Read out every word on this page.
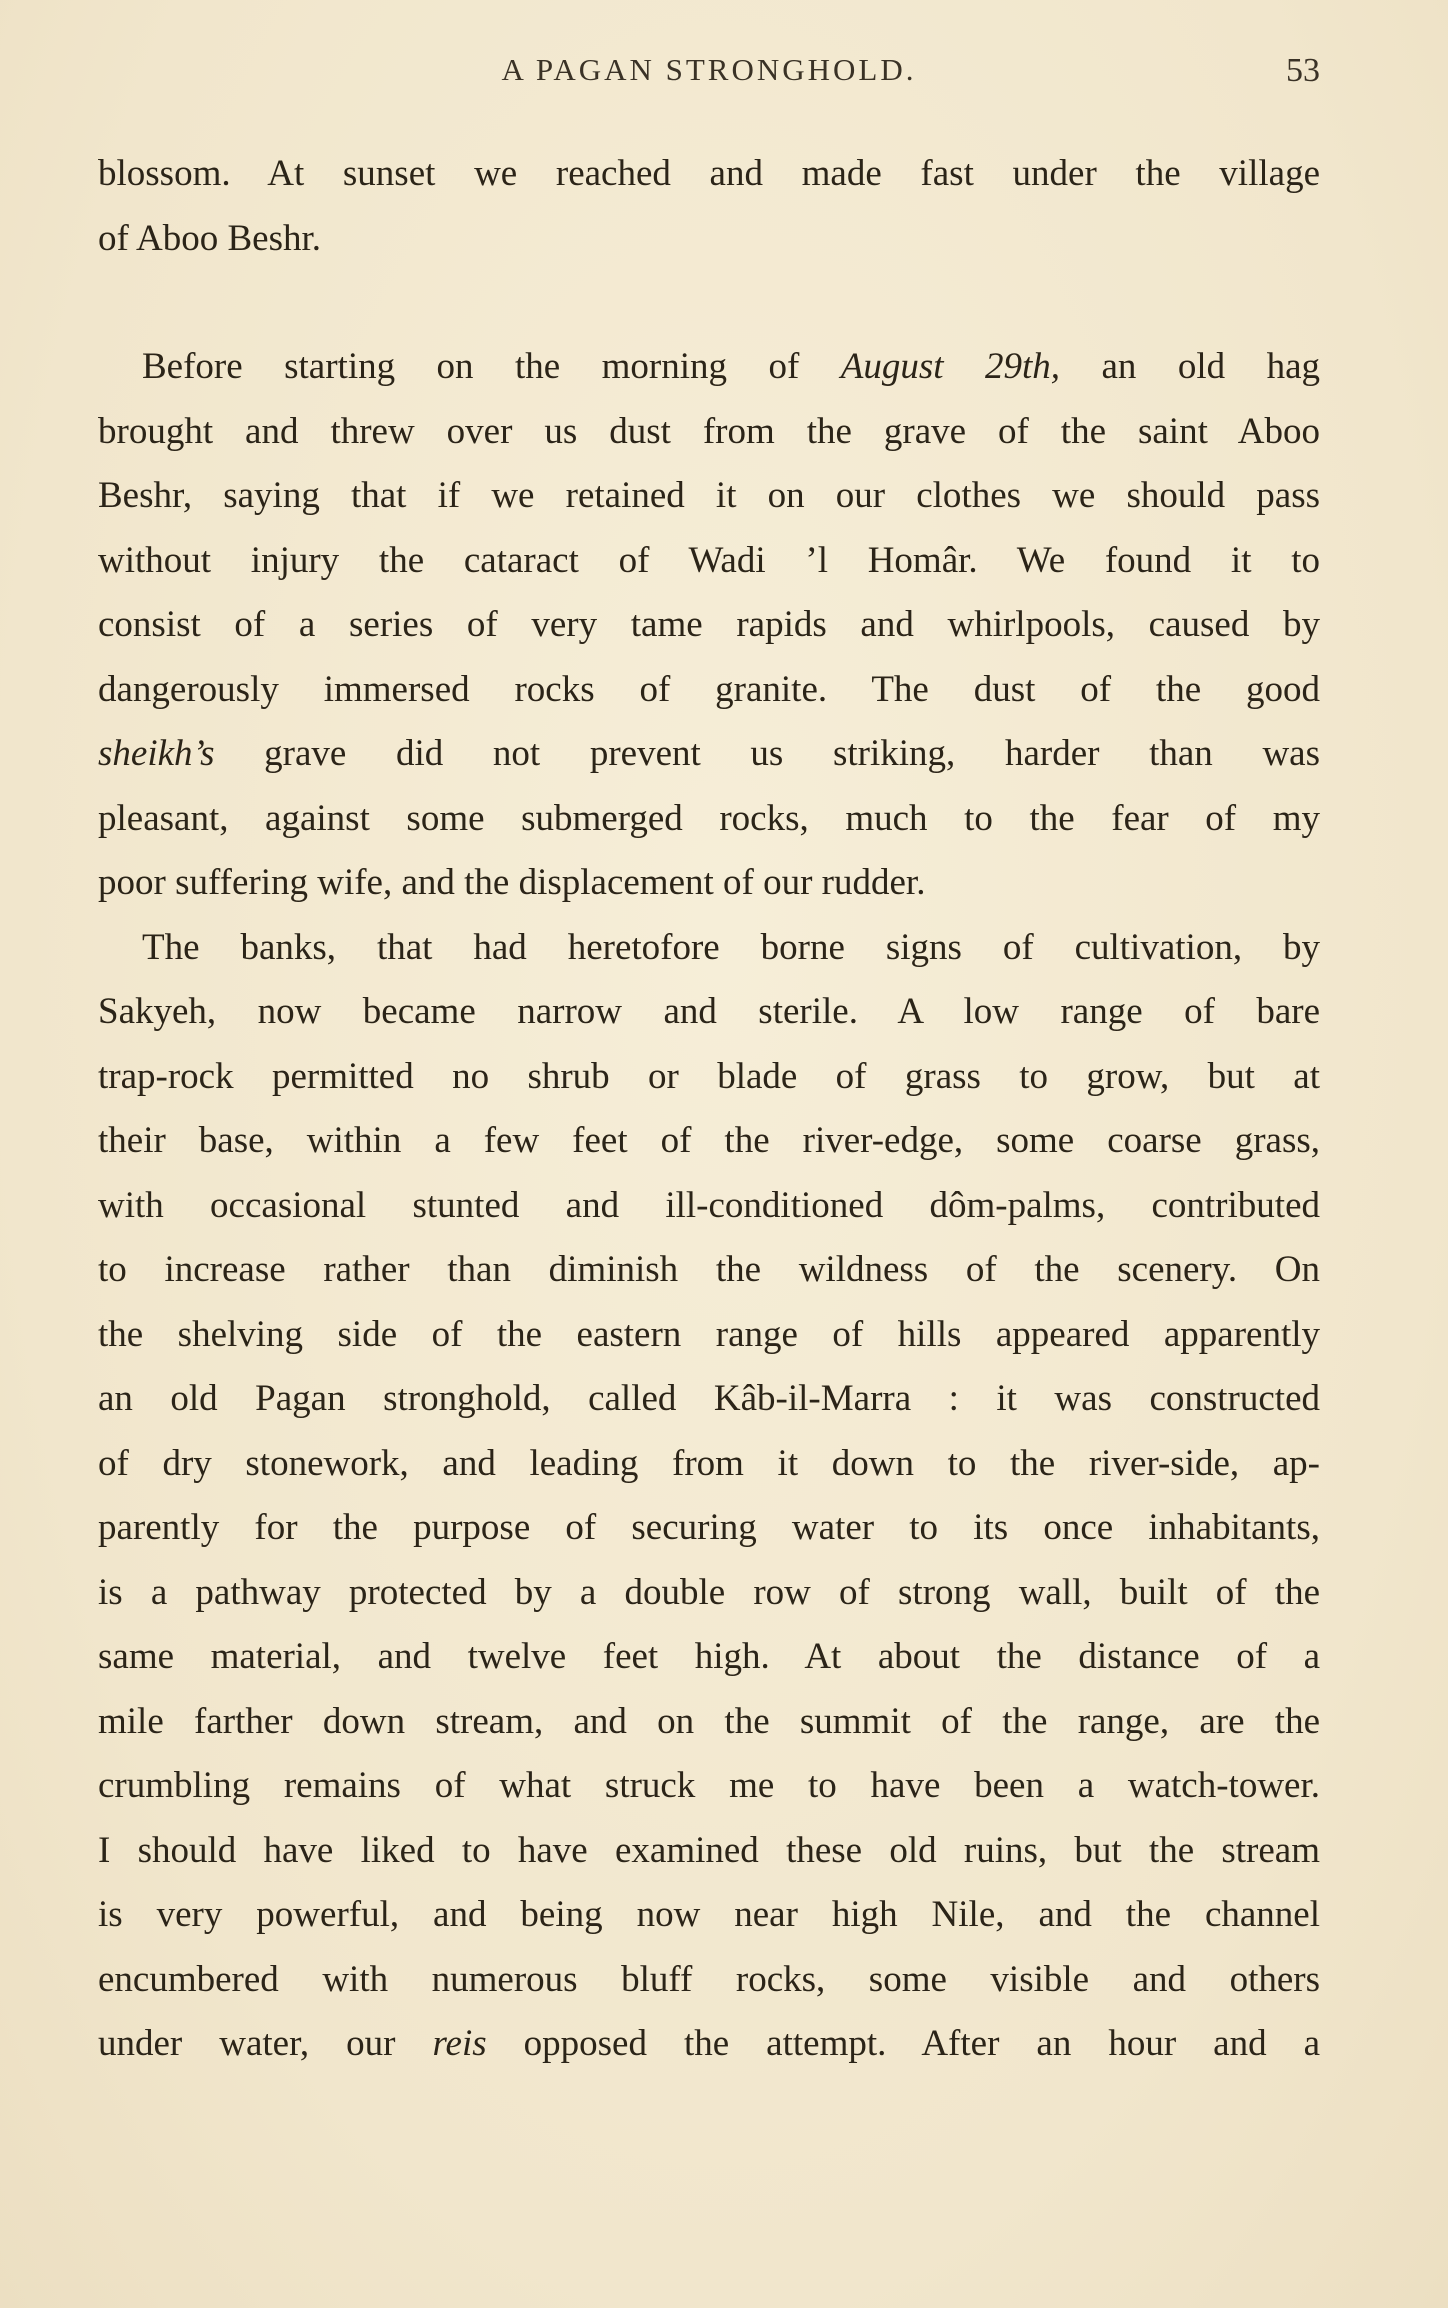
A PAGAN STRONGHOLD.	53
blossom. At sunset we reached and made fast under the village
of Aboo Beshr.
Before starting on the morning of August 29th, an old hag
brought and threw over us dust from the grave of the saint Aboo
Beshr, saying that if we retained it on our clothes we should pass
without injury the cataract of Wadi ’l Homâr. We found it to
consist of a series of very tame rapids and whirlpools, caused by
dangerously immersed rocks of granite. The dust of the good
sheikh’s grave did not prevent us striking, harder than was
pleasant, against some submerged rocks, much to the fear of my
poor suffering wife, and the displacement of our rudder.
The banks, that had heretofore borne signs of cultivation, by
Sakyeh, now became narrow and sterile. A low range of bare
trap-rock permitted no shrub or blade of grass to grow, but at
their base, within a few feet of the river-edge, some coarse grass,
with occasional stunted and ill-conditioned dôm-palms, contributed
to increase rather than diminish the wildness of the scenery. On
the shelving side of the eastern range of hills appeared apparently
an old Pagan stronghold, called Kâb-il-Marra : it was constructed
of dry stonework, and leading from it down to the river-side, ap-
parently for the purpose of securing water to its once inhabitants,
is a pathway protected by a double row of strong wall, built of the
same material, and twelve feet high. At about the distance of a
mile farther down stream, and on the summit of the range, are the
crumbling remains of what struck me to have been a watch-tower.
I should have liked to have examined these old ruins, but the stream
is very powerful, and being now near high Nile, and the channel
encumbered with numerous bluff rocks, some visible and others
under water, our reis opposed the attempt. After an hour and a
